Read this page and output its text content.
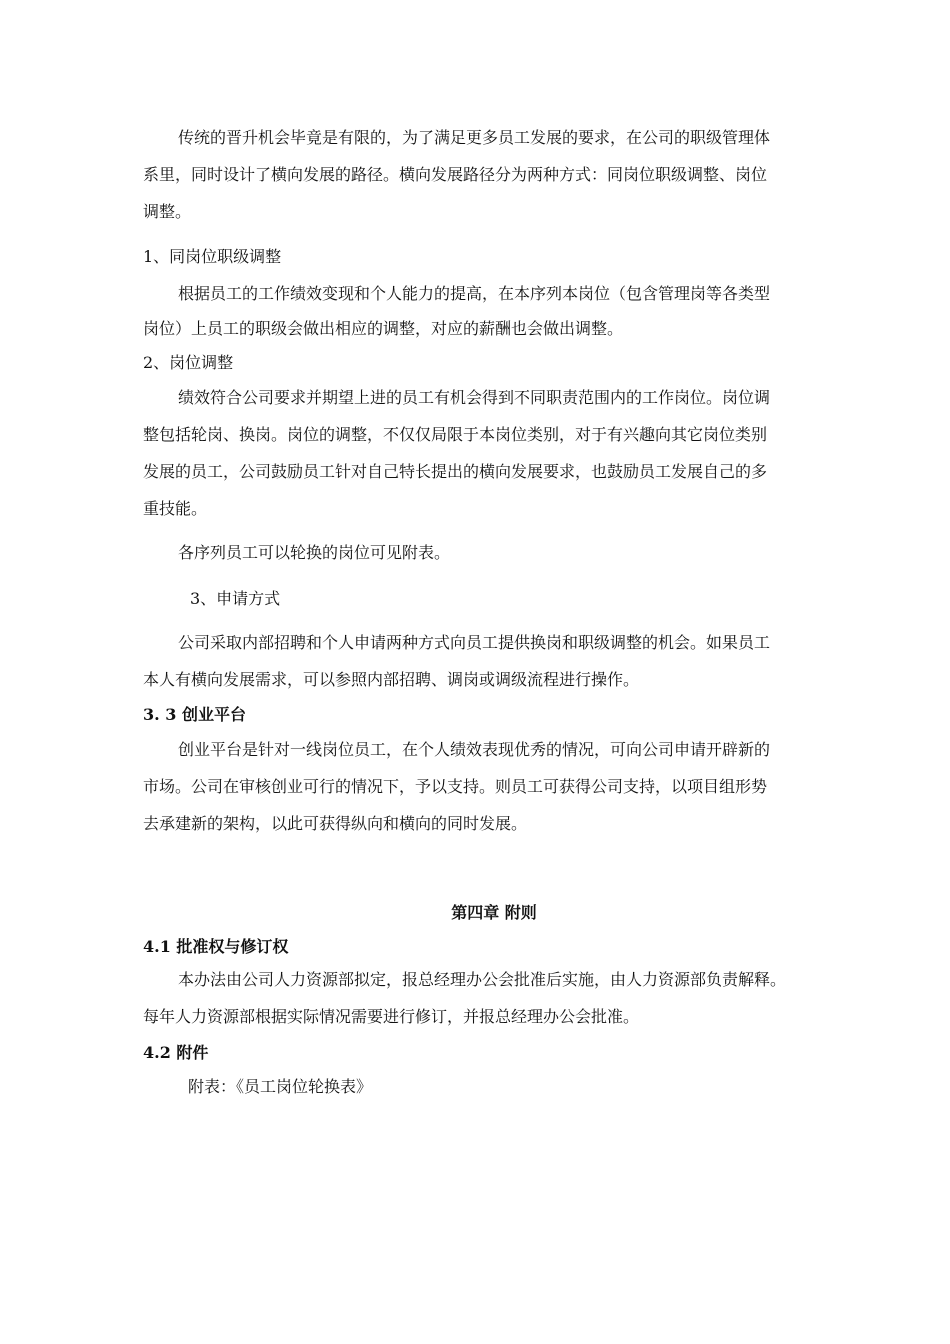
传统的晋升机会毕竟是有限的，为了满足更多员工发展的要求，在公司的职级管理体
系里，同时设计了横向发展的路径。横向发展路径分为两种方式：同岗位职级调整、岗位
调整。
1、同岗位职级调整
根据员工的工作绩效变现和个人能力的提高，在本序列本岗位（包含管理岗等各类型
岗位）上员工的职级会做出相应的调整，对应的薪酬也会做出调整。
2、岗位调整
绩效符合公司要求并期望上进的员工有机会得到不同职责范围内的工作岗位。岗位调
整包括轮岗、换岗。岗位的调整，不仅仅局限于本岗位类别，对于有兴趣向其它岗位类别
发展的员工，公司鼓励员工针对自己特长提出的横向发展要求，也鼓励员工发展自己的多
重技能。
各序列员工可以轮换的岗位可见附表。
3、申请方式
公司采取内部招聘和个人申请两种方式向员工提供换岗和职级调整的机会。如果员工
本人有横向发展需求，可以参照内部招聘、调岗或调级流程进行操作。
3. 3 创业平台
创业平台是针对一线岗位员工，在个人绩效表现优秀的情况，可向公司申请开辟新的
市场。公司在审核创业可行的情况下，予以支持。则员工可获得公司支持，以项目组形势
去承建新的架构，以此可获得纵向和横向的同时发展。
第四章 附则
4.1 批准权与修订权
本办法由公司人力资源部拟定，报总经理办公会批准后实施，由人力资源部负责解释。
每年人力资源部根据实际情况需要进行修订，并报总经理办公会批准。
4.2 附件
附表：《员工岗位轮换表》
